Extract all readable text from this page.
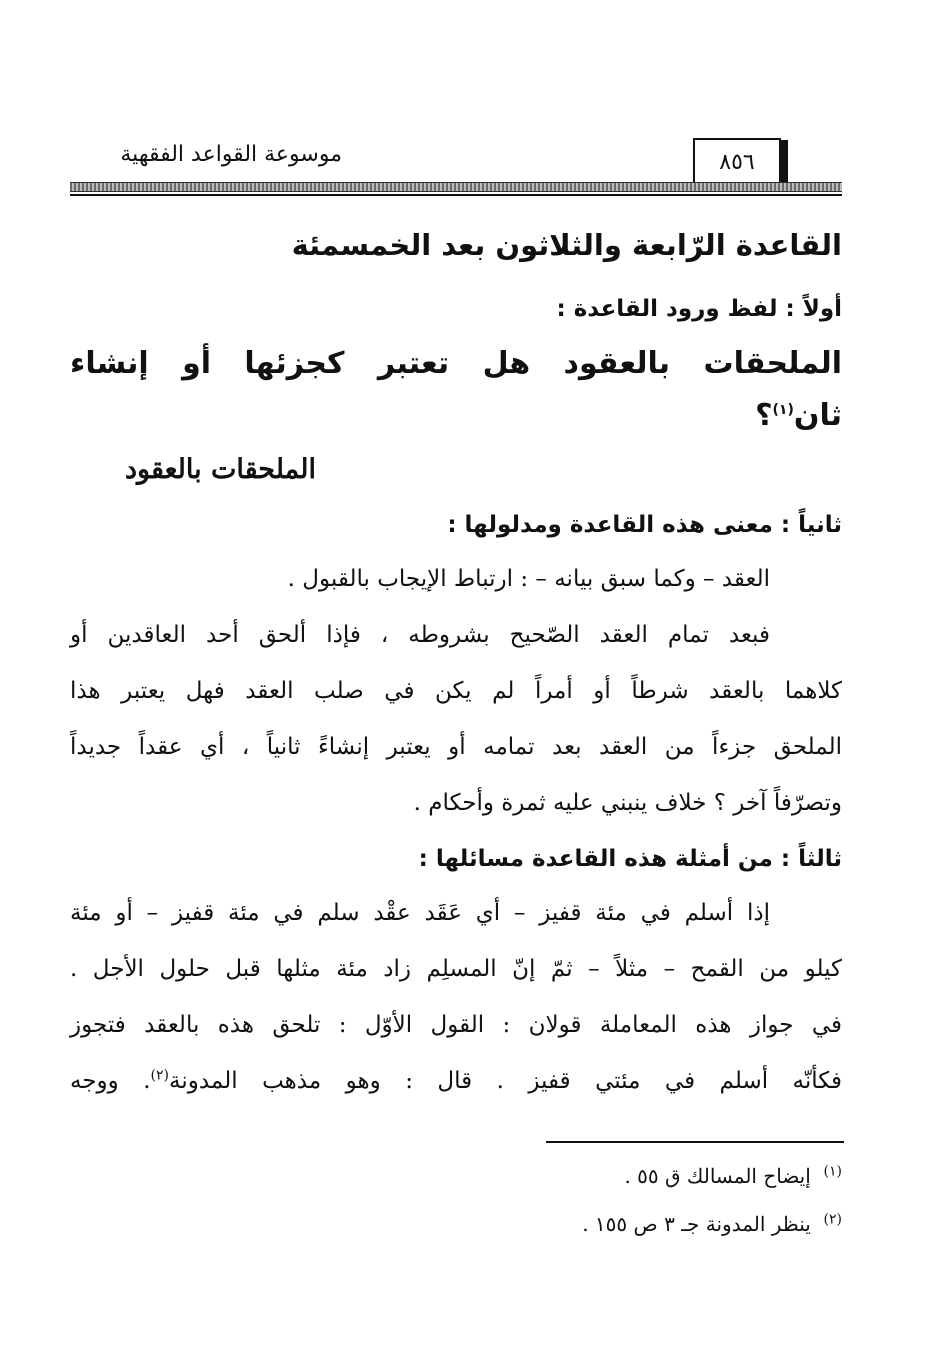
موسوعة القواعد الفقهية	٨٥٦
القاعدة الرّابعة والثلاثون بعد الخمسمئة
أولاً : لفظ ورود القاعدة :
الملحقات بالعقود هل تعتبر كجزئها أو إنشاء
ثان$^{(١)}$؟
الملحقات بالعقود
ثانياً : معنى هذه القاعدة ومدلولها :
العقد – وكما سبق بيانه – : ارتباط الإيجاب بالقبول .
فبعد تمام العقد الصّحيح بشروطه ، فإذا ألحق أحد العاقدين أو
كلاهما بالعقد شرطاً أو أمراً لم يكن في صلب العقد فهل يعتبر هذا
الملحق جزءاً من العقد بعد تمامه أو يعتبر إنشاءً ثانياً ، أي عقداً جديداً
وتصرّفاً آخر ؟ خلاف ينبني عليه ثمرة وأحكام .
ثالثاً : من أمثلة هذه القاعدة مسائلها :
إذا أسلم في مئة قفيز – أي عَقَد عقْد سلم في مئة قفيز – أو مئة
كيلو من القمح – مثلاً – ثمّ إنّ المسلِم زاد مئة مثلها قبل حلول الأجل .
في جواز هذه المعاملة قولان : القول الأوّل : تلحق هذه بالعقد فتجوز
فكأنّه أسلم في مئتي قفيز . قال : وهو مذهب المدونة$^{(٢)}$. ووجه
$^{(١)}$  إيضاح المسالك ق ٥٥ .
$^{(٢)}$  ينظر المدونة جـ ٣ ص ١٥٥ .
